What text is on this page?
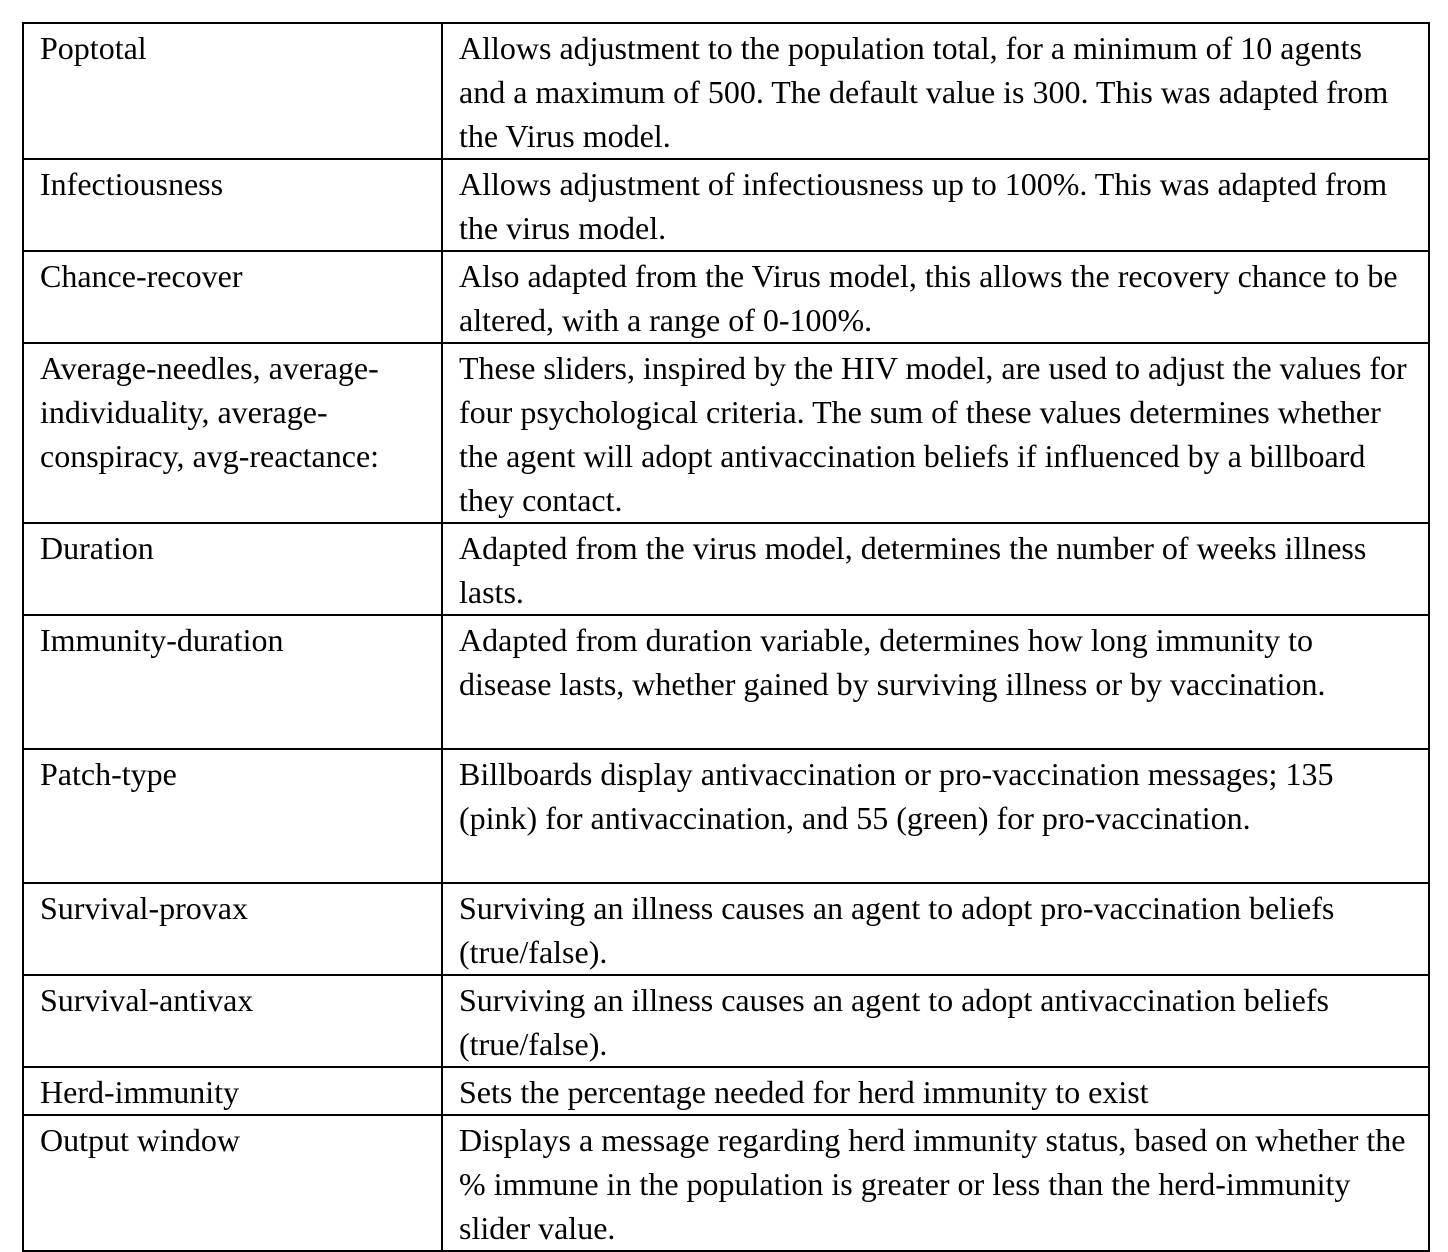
Poptotal	Allows adjustment to the population total, for a minimum of 10 agents and a maximum of 500. The default value is 300. This was adapted from the Virus model.

Infectiousness	Allows adjustment of infectiousness up to 100%. This was adapted from the virus model.

Chance-recover	Also adapted from the Virus model, this allows the recovery chance to be altered, with a range of 0-100%.

Average-needles, average-individuality, average-conspiracy, avg-reactance:	These sliders, inspired by the HIV model, are used to adjust the values for four psychological criteria. The sum of these values determines whether the agent will adopt antivaccination beliefs if influenced by a billboard they contact.

Duration	Adapted from the virus model, determines the number of weeks illness lasts.

Immunity-duration	Adapted from duration variable, determines how long immunity to disease lasts, whether gained by surviving illness or by vaccination.

Patch-type	Billboards display antivaccination or pro-vaccination messages; 135 (pink) for antivaccination, and 55 (green) for pro-vaccination.

Survival-provax	Surviving an illness causes an agent to adopt pro-vaccination beliefs (true/false).

Survival-antivax	Surviving an illness causes an agent to adopt antivaccination beliefs (true/false).

Herd-immunity	Sets the percentage needed for herd immunity to exist

Output window	Displays a message regarding herd immunity status, based on whether the % immune in the population is greater or less than the herd-immunity slider value.
